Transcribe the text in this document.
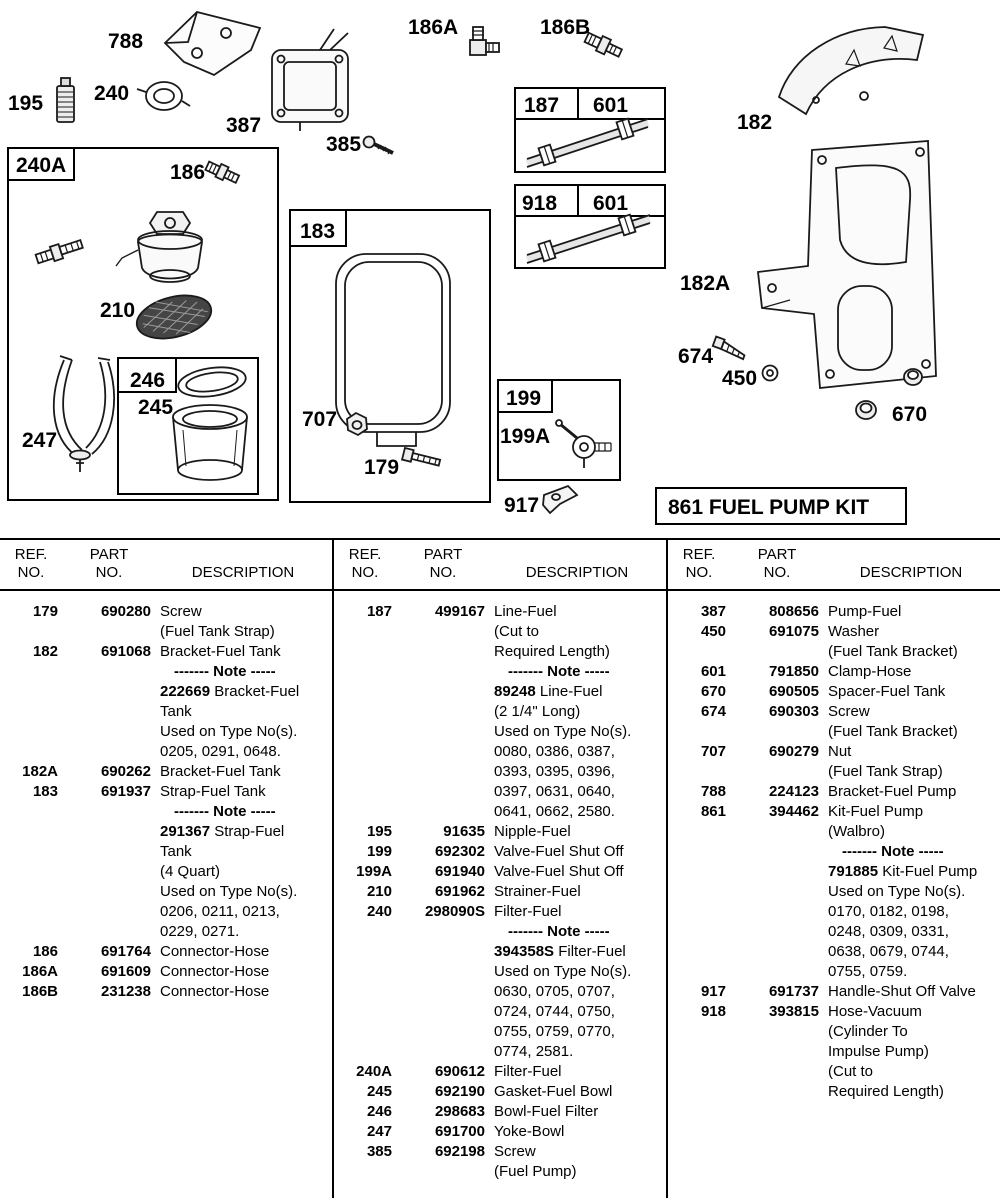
788
195 240
387
385
186A	186B
187 601
918 601
182
182A
674
450
670
240A	186
210
246
245
247
183
707
179
199
199A
917	861 FUEL PUMP KIT
REF.
NO.
PART
NO.	DESCRIPTION
REF.
NO.
PART
NO.	DESCRIPTION
REF.
NO.
PART
NO.	DESCRIPTION
179	690280 Screw
(Fuel Tank Strap)
182	691068 Bracket-Fuel Tank
------- Note -----
222669 Bracket-Fuel
Tank
Used on Type No(s).
0205, 0291, 0648.
182A	690262 Bracket-Fuel Tank
183	691937 Strap-Fuel Tank
------- Note -----
291367 Strap-Fuel
Tank
(4 Quart)
Used on Type No(s).
0206, 0211, 0213,
0229, 0271.
186	691764 Connector-Hose
186A	691609 Connector-Hose
186B	231238 Connector-Hose
187	499167 Line-Fuel
(Cut to
Required Length)
------- Note -----
89248 Line-Fuel
(2 1/4" Long)
Used on Type No(s).
0080, 0386, 0387,
0393, 0395, 0396,
0397, 0631, 0640,
0641, 0662, 2580.
195	91635 Nipple-Fuel
199	692302 Valve-Fuel Shut Off
199A	691940 Valve-Fuel Shut Off
210	691962 Strainer-Fuel
240	298090S Filter-Fuel
------- Note -----
394358S Filter-Fuel
Used on Type No(s).
0630, 0705, 0707,
0724, 0744, 0750,
0755, 0759, 0770,
0774, 2581.
240A	690612 Filter-Fuel
245	692190 Gasket-Fuel Bowl
246	298683 Bowl-Fuel Filter
247	691700 Yoke-Bowl
385	692198 Screw
(Fuel Pump)
387	808656 Pump-Fuel
450	691075 Washer
(Fuel Tank Bracket)
601	791850 Clamp-Hose
670	690505 Spacer-Fuel Tank
674	690303 Screw
(Fuel Tank Bracket)
707	690279 Nut
(Fuel Tank Strap)
788	224123 Bracket-Fuel Pump
861	394462 Kit-Fuel Pump
(Walbro)
------- Note -----
791885 Kit-Fuel Pump
Used on Type No(s).
0170, 0182, 0198,
0248, 0309, 0331,
0638, 0679, 0744,
0755, 0759.
917	691737 Handle-Shut Off Valve
918	393815 Hose-Vacuum
(Cylinder To
Impulse Pump)
(Cut to
Required Length)
